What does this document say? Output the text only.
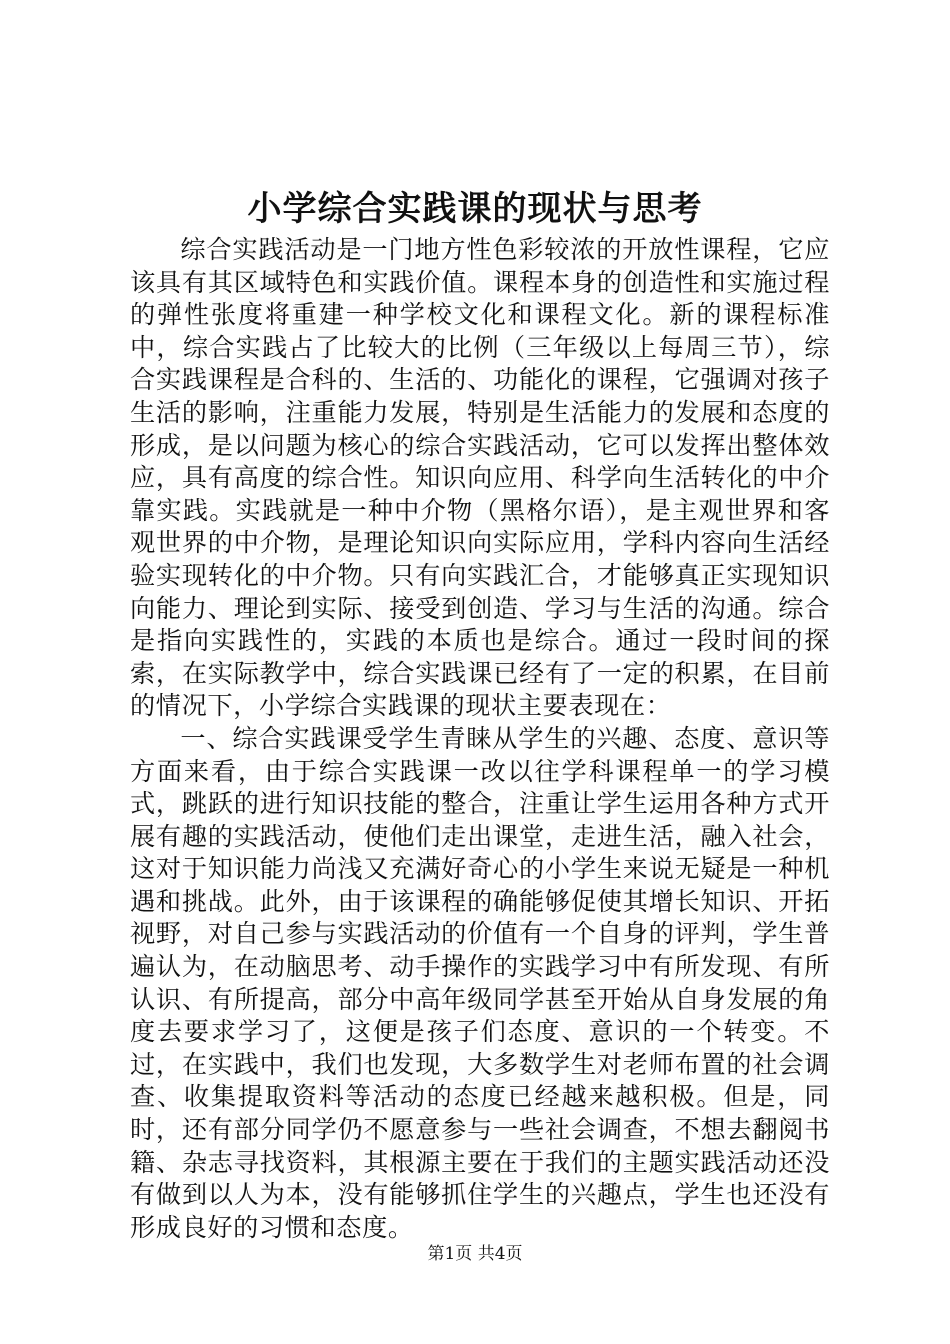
小学综合实践课的现状与思考

综合实践活动是一门地方性色彩较浓的开放性课程，它应该具有其区域特色和实践价值。课程本身的创造性和实施过程的弹性张度将重建一种学校文化和课程文化。新的课程标准中，综合实践占了比较大的比例（三年级以上每周三节），综合实践课程是合科的、生活的、功能化的课程，它强调对孩子生活的影响，注重能力发展，特别是生活能力的发展和态度的形成，是以问题为核心的综合实践活动，它可以发挥出整体效应，具有高度的综合性。知识向应用、科学向生活转化的中介靠实践。实践就是一种中介物（黑格尔语），是主观世界和客观世界的中介物，是理论知识向实际应用，学科内容向生活经验实现转化的中介物。只有向实践汇合，才能够真正实现知识向能力、理论到实际、接受到创造、学习与生活的沟通。综合是指向实践性的，实践的本质也是综合。通过一段时间的探索，在实际教学中，综合实践课已经有了一定的积累，在目前的情况下，小学综合实践课的现状主要表现在：

一、综合实践课受学生青睐从学生的兴趣、态度、意识等方面来看，由于综合实践课一改以往学科课程单一的学习模式，跳跃的进行知识技能的整合，注重让学生运用各种方式开展有趣的实践活动，使他们走出课堂，走进生活，融入社会，这对于知识能力尚浅又充满好奇心的小学生来说无疑是一种机遇和挑战。此外，由于该课程的确能够促使其增长知识、开拓视野，对自己参与实践活动的价值有一个自身的评判，学生普遍认为，在动脑思考、动手操作的实践学习中有所发现、有所认识、有所提高，部分中高年级同学甚至开始从自身发展的角度去要求学习了，这便是孩子们态度、意识的一个转变。不过，在实践中，我们也发现，大多数学生对老师布置的社会调查、收集提取资料等活动的态度已经越来越积极。但是，同时，还有部分同学仍不愿意参与一些社会调查，不想去翻阅书籍、杂志寻找资料，其根源主要在于我们的主题实践活动还没有做到以人为本，没有能够抓住学生的兴趣点，学生也还没有形成良好的习惯和态度。

第1页 共4页
